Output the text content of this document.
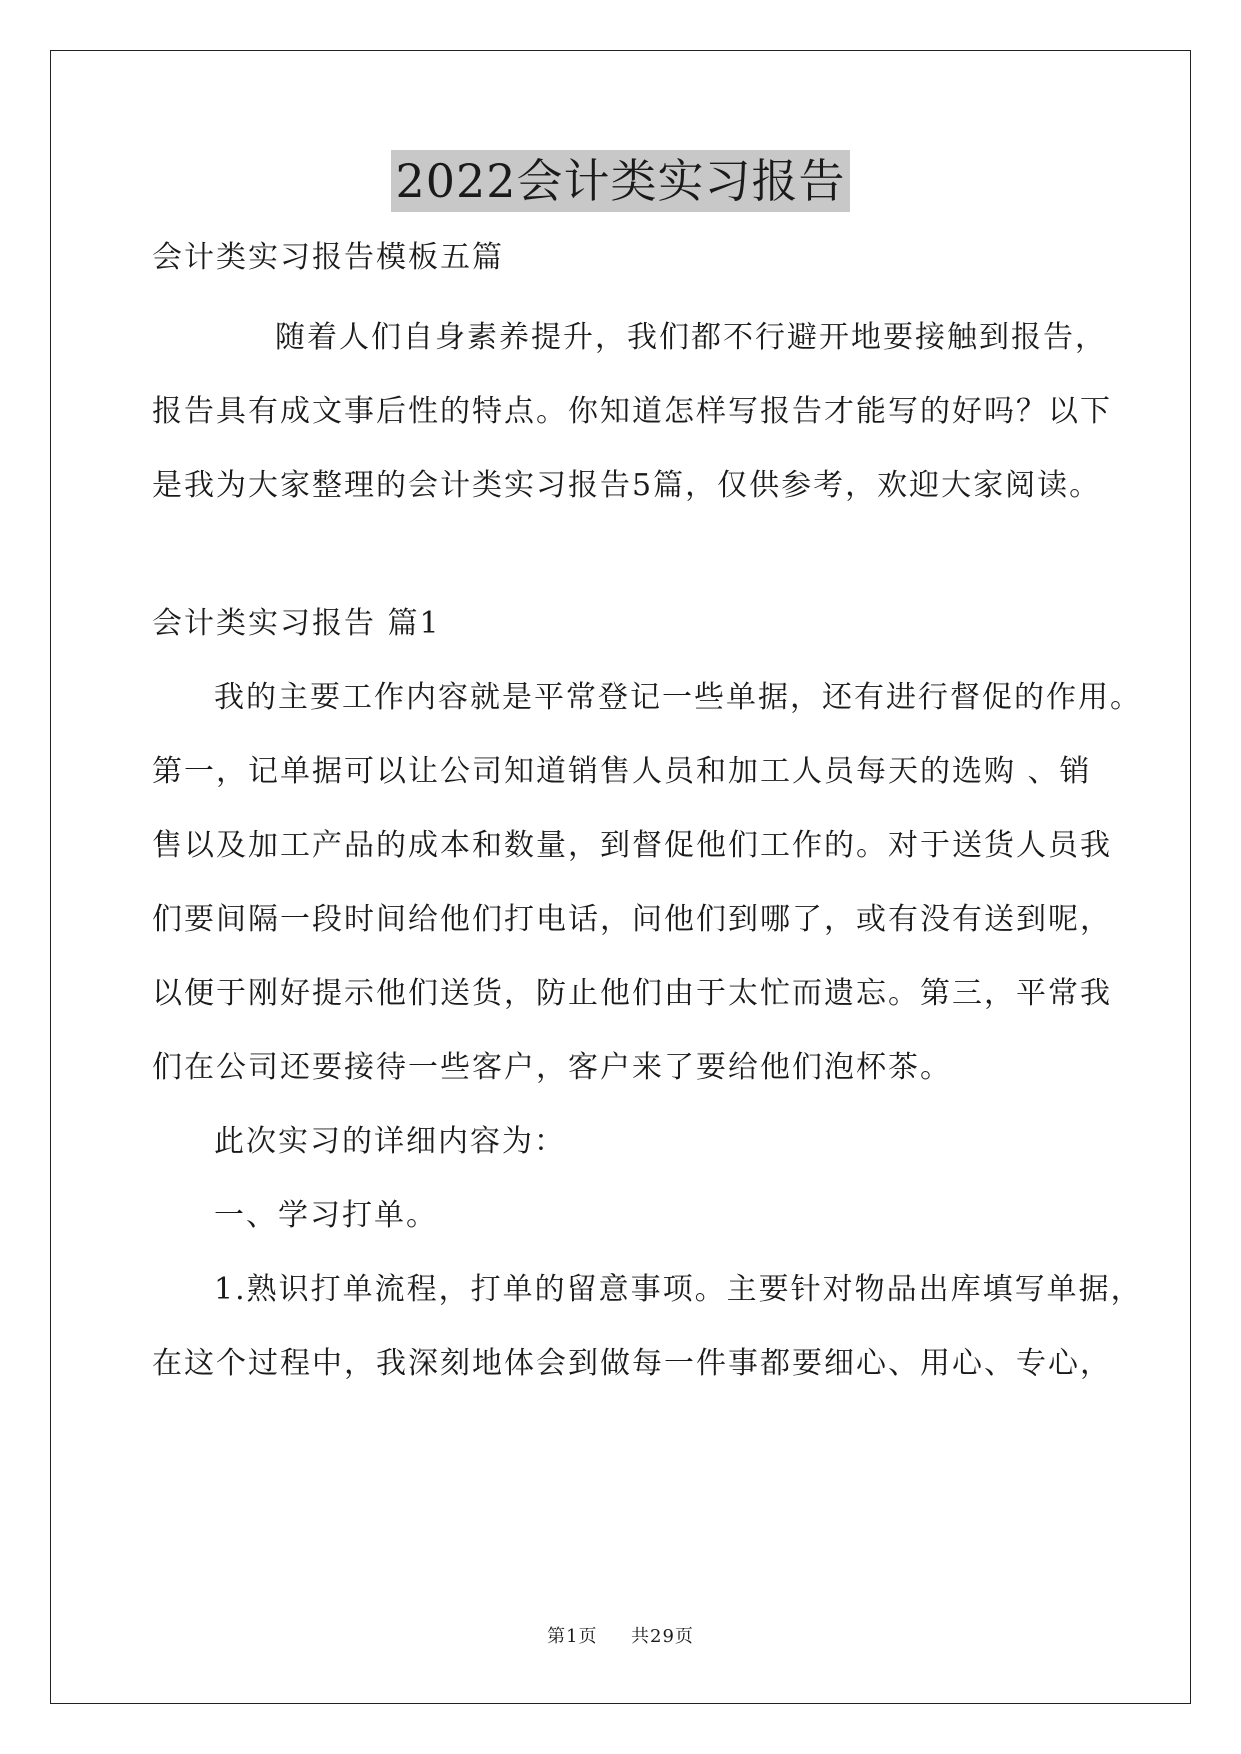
2022会计类实习报告
会计类实习报告模板五篇
随着人们自身素养提升，我们都不行避开地要接触到报告，
报告具有成文事后性的特点。你知道怎样写报告才能写的好吗？以下
是我为大家整理的会计类实习报告5篇，仅供参考，欢迎大家阅读。
会计类实习报告 篇1
我的主要工作内容就是平常登记一些单据，还有进行督促的作用。
第一，记单据可以让公司知道销售人员和加工人员每天的选购 、销
售以及加工产品的成本和数量，到督促他们工作的。对于送货人员我
们要间隔一段时间给他们打电话，问他们到哪了，或有没有送到呢，
以便于刚好提示他们送货，防止他们由于太忙而遗忘。第三，平常我
们在公司还要接待一些客户，客户来了要给他们泡杯茶。
此次实习的详细内容为：
一、学习打单。
1.熟识打单流程，打单的留意事项。主要针对物品出库填写单据，
在这个过程中，我深刻地体会到做每一件事都要细心、用心、专心，
第1页 共29页
